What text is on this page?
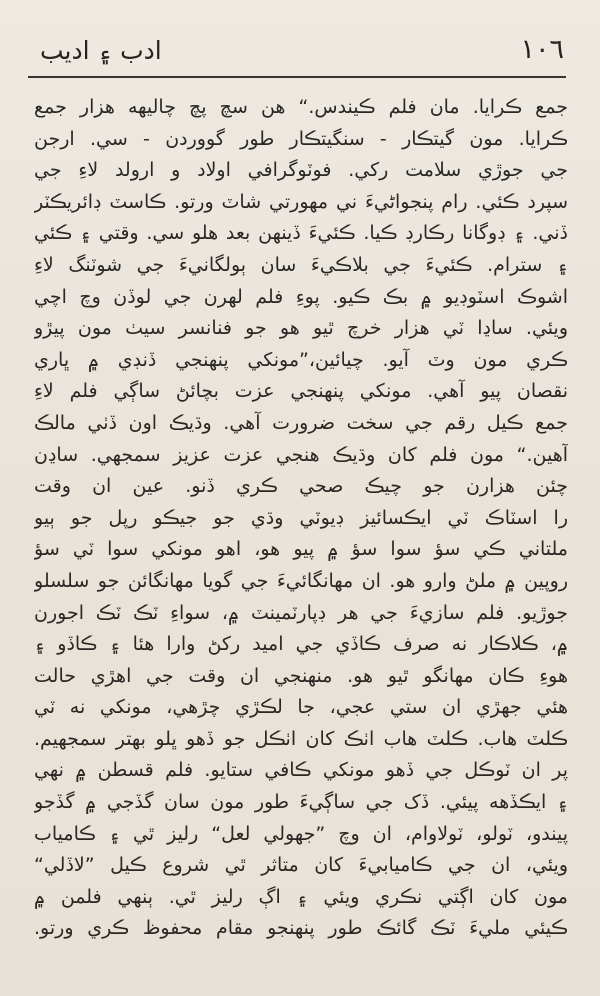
١٠٦
ادب ۽ اديب
جمع ڪرايا. مان فلم ڪيندس.“ هن سچ پچ چاليهه هزار جمع
ڪرايا. مون گيتڪار - سنگيتڪار طور گووردن - سي. ارجن
جي جوڙي سلامت رکي. فوٽوگرافي اولاد و ارولد لاءِ جي
سپرد ڪئي. رام پنجواڻيءَ ني مهورتي شاٽ ورتو. ڪاسٽ ڊائريڪٽر
ڏني. ۽ ڊوگانا رڪارڊ ڪيا. ڪئيءَ ڏينهن بعد هلو سي. وقتي ۽ ڪئي
۽ سترام. ڪئيءَ جي بلاڪيءَ سان ٻولگانيءَ جي شوٽنگ لاءِ
اشوڪ اسٽوڊيو ۾ بڪ ڪيو. پوءِ فلم لهرن جي لوڏن وچ اچي
ويئي. ساڍا ٽي هزار خرچ ٿيو هو جو فنانسر سيٺ مون پيڙو
ڪري مون وٽ آيو. چيائين،”مونکي پنهنجي ڏنڊي ۾ ڀاري
نقصان پيو آهي. مونکي پنهنجي عزت بچائڻ ساڳي فلم لاءِ
جمع ڪيل رقم جي سخت ضرورت آهي. وڌيڪ اون ڏٺي مالڪ
آهين.“ مون فلم کان وڌيڪ هنجي عزت عزيز سمجهي. ساڍن
چئن هزارن جو چيڪ صحي ڪري ڏنو. عين ان وقت
را اسٽاڪ ٽي ايڪسائيز ڊيوٽي وڌي جو جيڪو رپل جو ٻيو
ملتاني ڪي سؤ سوا سؤ ۾ پيو هو، اهو مونکي سوا ٽي سؤ
روپين ۾ ملڻ وارو هو. ان مهانگائيءَ جي گويا مهانگائن جو سلسلو
جوڙيو. فلم سازيءَ جي هر ڊپارٽمينٽ ۾، سواءِ ٽڪ ٽڪ اجورن
۾، ڪلاڪار نه صرف ڪاڏي جي اميد رکڻ وارا هئا ۽ ڪاڏو ۽
هوءِ ڪان مهانگو ٿيو هو. منهنجي ان وقت جي اهڙي حالت
هئي جهڙي ان ستي عجي، جا لڪڙي چڙهي، مونکي نه ٽي
ڪلٽ هاب. ڪلٽ هاب اٺڪ کان اٺڪل جو ڏهو ڀلو بهتر سمجهيم.
پر ان ٽوڪل جي ڏهو مونکي ڪافي ستايو. فلم قسطن ۾ نهي
۽ ايڪڏهه پيئي. ڏک جي ساڳيءَ طور مون سان گڏجي ۾ گڏجو
پيندو، ٽولو، ٽولاوام، ان وچ ”جهولي لعل“ رليز ٿي ۽ ڪامياب
ويئي، ان جي ڪاميابيءَ کان متاثر ٿي شروع ڪيل ”لاڏلي“
مون کان اڳتي نڪري ويئي ۽ اڳ رليز ٿي. ٻنهي فلمن ۾
ڪيئي مليءَ ٽڪ گائڪ طور پنهنجو مقام محفوظ ڪري ورتو.
